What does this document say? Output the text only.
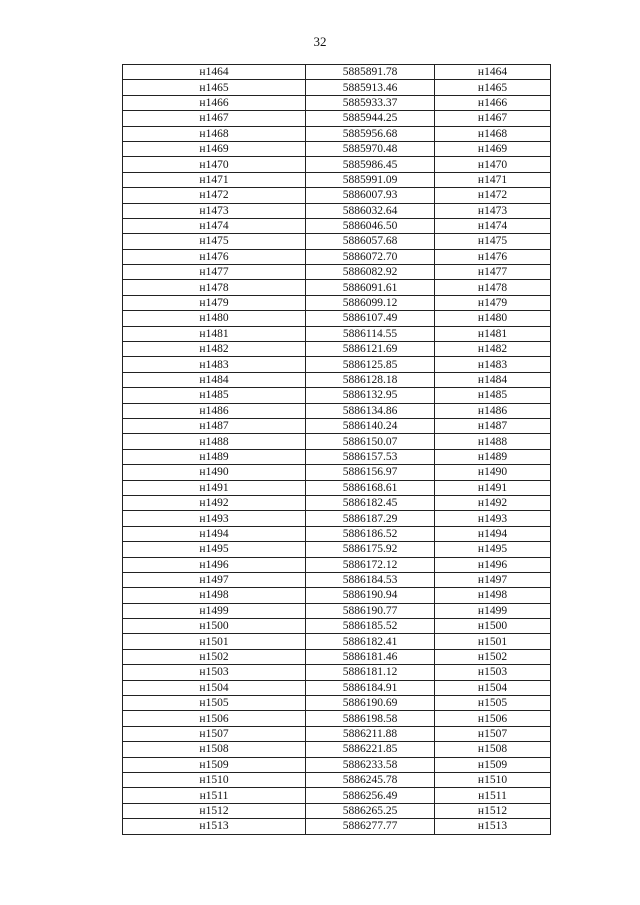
32
н1464	5885891.78	н1464
н1465	5885913.46	н1465
н1466	5885933.37	н1466
н1467	5885944.25	н1467
н1468	5885956.68	н1468
н1469	5885970.48	н1469
н1470	5885986.45	н1470
н1471	5885991.09	н1471
н1472	5886007.93	н1472
н1473	5886032.64	н1473
н1474	5886046.50	н1474
н1475	5886057.68	н1475
н1476	5886072.70	н1476
н1477	5886082.92	н1477
н1478	5886091.61	н1478
н1479	5886099.12	н1479
н1480	5886107.49	н1480
н1481	5886114.55	н1481
н1482	5886121.69	н1482
н1483	5886125.85	н1483
н1484	5886128.18	н1484
н1485	5886132.95	н1485
н1486	5886134.86	н1486
н1487	5886140.24	н1487
н1488	5886150.07	н1488
н1489	5886157.53	н1489
н1490	5886156.97	н1490
н1491	5886168.61	н1491
н1492	5886182.45	н1492
н1493	5886187.29	н1493
н1494	5886186.52	н1494
н1495	5886175.92	н1495
н1496	5886172.12	н1496
н1497	5886184.53	н1497
н1498	5886190.94	н1498
н1499	5886190.77	н1499
н1500	5886185.52	н1500
н1501	5886182.41	н1501
н1502	5886181.46	н1502
н1503	5886181.12	н1503
н1504	5886184.91	н1504
н1505	5886190.69	н1505
н1506	5886198.58	н1506
н1507	5886211.88	н1507
н1508	5886221.85	н1508
н1509	5886233.58	н1509
н1510	5886245.78	н1510
н1511	5886256.49	н1511
н1512	5886265.25	н1512
н1513	5886277.77	н1513
